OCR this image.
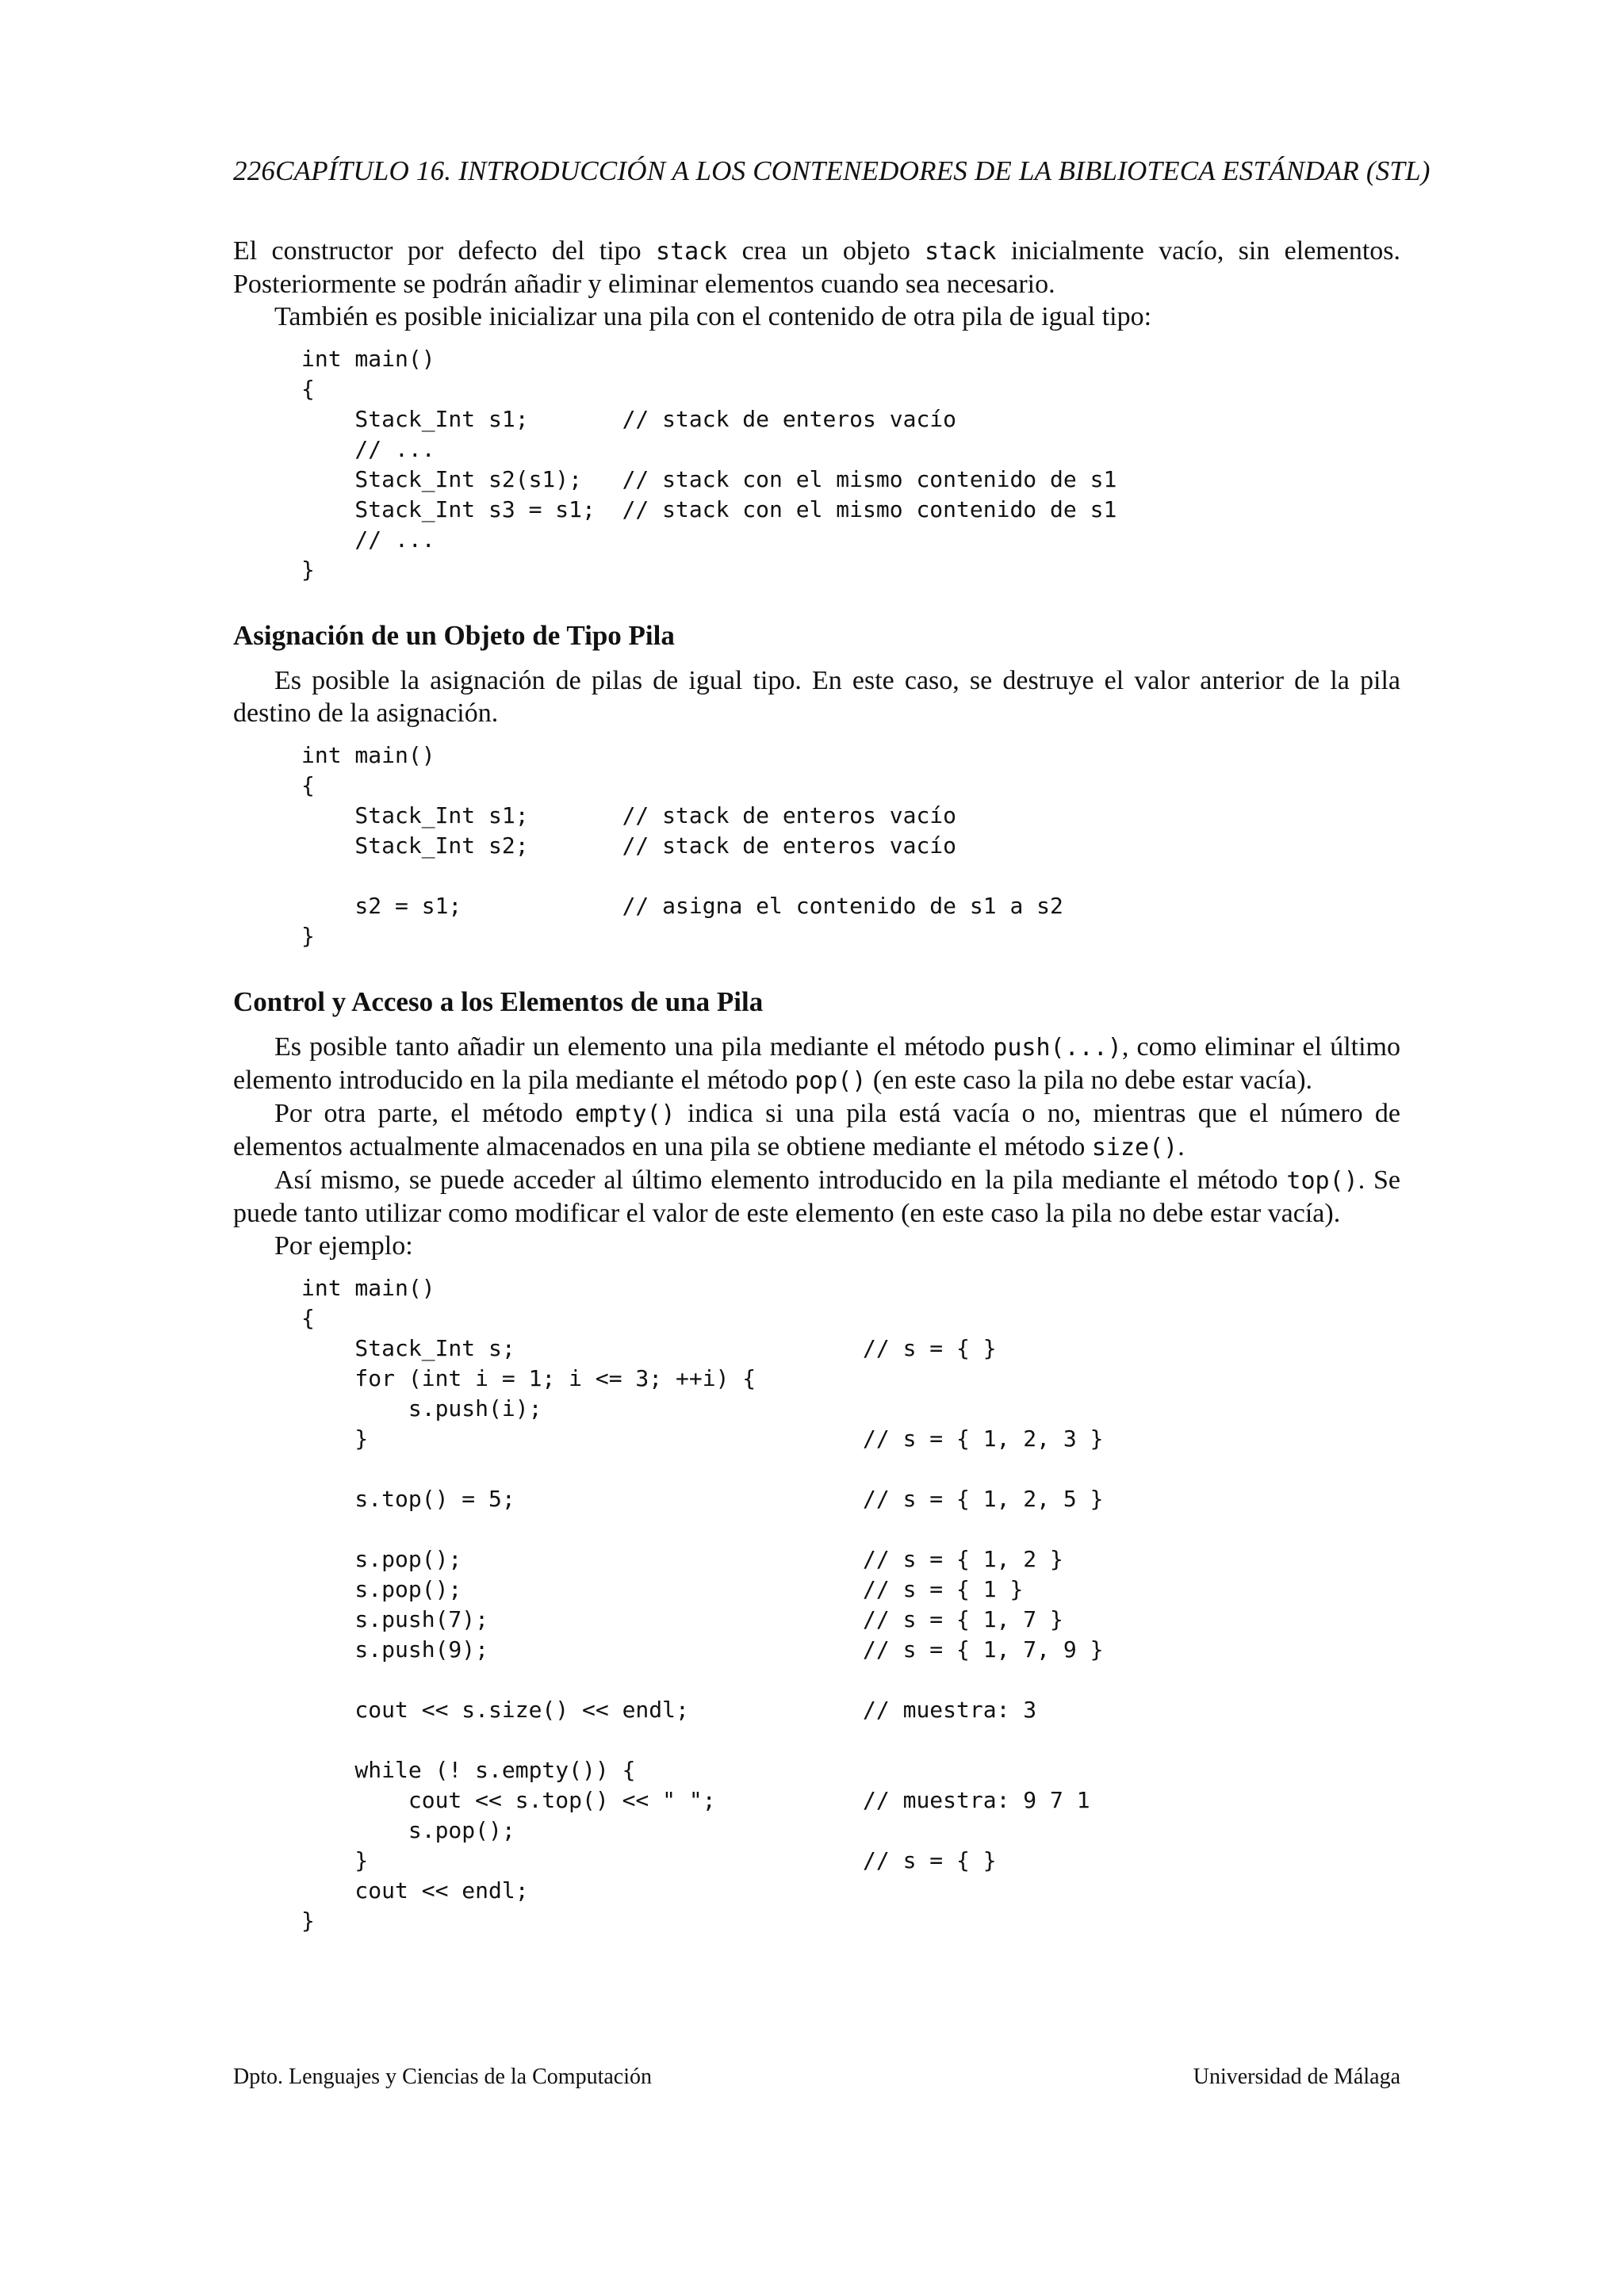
226CAPÍTULO 16. INTRODUCCIÓN A LOS CONTENEDORES DE LA BIBLIOTECA ESTÁNDAR (STL)

El constructor por defecto del tipo stack crea un objeto stack inicialmente vacío, sin elementos. Posteriormente se podrán añadir y eliminar elementos cuando sea necesario.

También es posible inicializar una pila con el contenido de otra pila de igual tipo:

int main()
{
Stack_Int s1;       // stack de enteros vacío
// ...
Stack_Int s2(s1);   // stack con el mismo contenido de s1
Stack_Int s3 = s1;  // stack con el mismo contenido de s1
// ...
}
Asignación de un Objeto de Tipo Pila

Es posible la asignación de pilas de igual tipo. En este caso, se destruye el valor anterior de la pila destino de la asignación.

int main()
{
Stack_Int s1;       // stack de enteros vacío
Stack_Int s2;       // stack de enteros vacío

s2 = s1;            // asigna el contenido de s1 a s2
}
Control y Acceso a los Elementos de una Pila

Es posible tanto añadir un elemento una pila mediante el método push(...), como eliminar el último elemento introducido en la pila mediante el método pop() (en este caso la pila no debe estar vacía).

Por otra parte, el método empty() indica si una pila está vacía o no, mientras que el número de elementos actualmente almacenados en una pila se obtiene mediante el método size().

Así mismo, se puede acceder al último elemento introducido en la pila mediante el método top(). Se puede tanto utilizar como modificar el valor de este elemento (en este caso la pila no debe estar vacía).

Por ejemplo:

int main()
{
Stack_Int s;                          // s = { }
for (int i = 1; i <= 3; ++i) {
s.push(i);
}                                     // s = { 1, 2, 3 }

s.top() = 5;                          // s = { 1, 2, 5 }

s.pop();                              // s = { 1, 2 }
s.pop();                              // s = { 1 }
s.push(7);                            // s = { 1, 7 }
s.push(9);                            // s = { 1, 7, 9 }

cout << s.size() << endl;             // muestra: 3

while (! s.empty()) {
cout << s.top() << " ";           // muestra: 9 7 1
s.pop();
}                                     // s = { }
cout << endl;
}
Dpto. Lenguajes y Ciencias de la Computación	Universidad de Málaga
